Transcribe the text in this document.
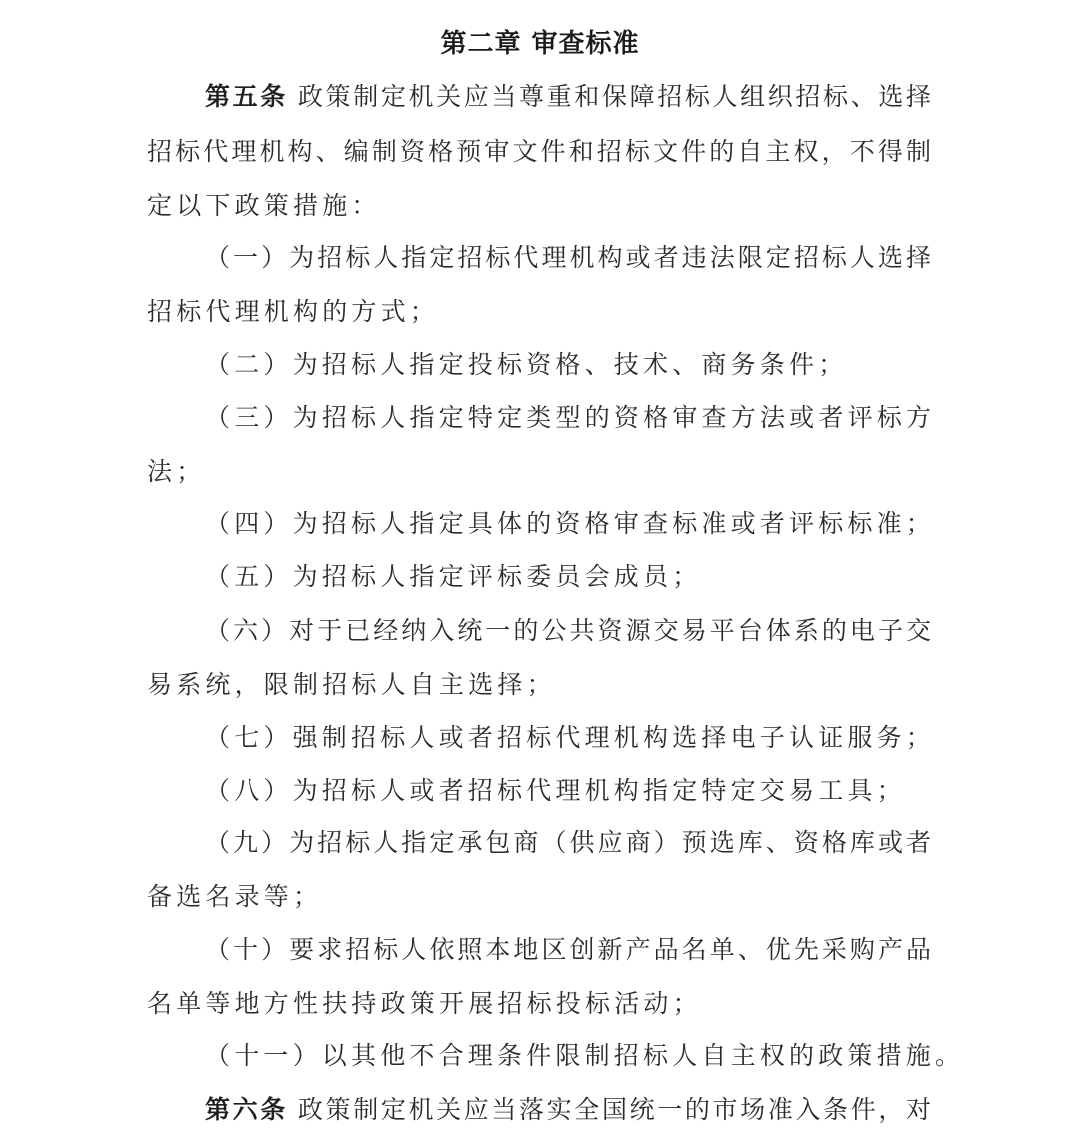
第二章 审查标准
第五条 政策制定机关应当尊重和保障招标人组织招标、选择
招标代理机构、编制资格预审文件和招标文件的自主权，不得制
定以下政策措施：
（一）为招标人指定招标代理机构或者违法限定招标人选择
招标代理机构的方式；
（二）为招标人指定投标资格、技术、商务条件；
（三）为招标人指定特定类型的资格审查方法或者评标方
法；
（四）为招标人指定具体的资格审查标准或者评标标准；
（五）为招标人指定评标委员会成员；
（六）对于已经纳入统一的公共资源交易平台体系的电子交
易系统，限制招标人自主选择；
（七）强制招标人或者招标代理机构选择电子认证服务；
（八）为招标人或者招标代理机构指定特定交易工具；
（九）为招标人指定承包商（供应商）预选库、资格库或者
备选名录等；
（十）要求招标人依照本地区创新产品名单、优先采购产品
名单等地方性扶持政策开展招标投标活动；
（十一）以其他不合理条件限制招标人自主权的政策措施。
第六条 政策制定机关应当落实全国统一的市场准入条件，对
